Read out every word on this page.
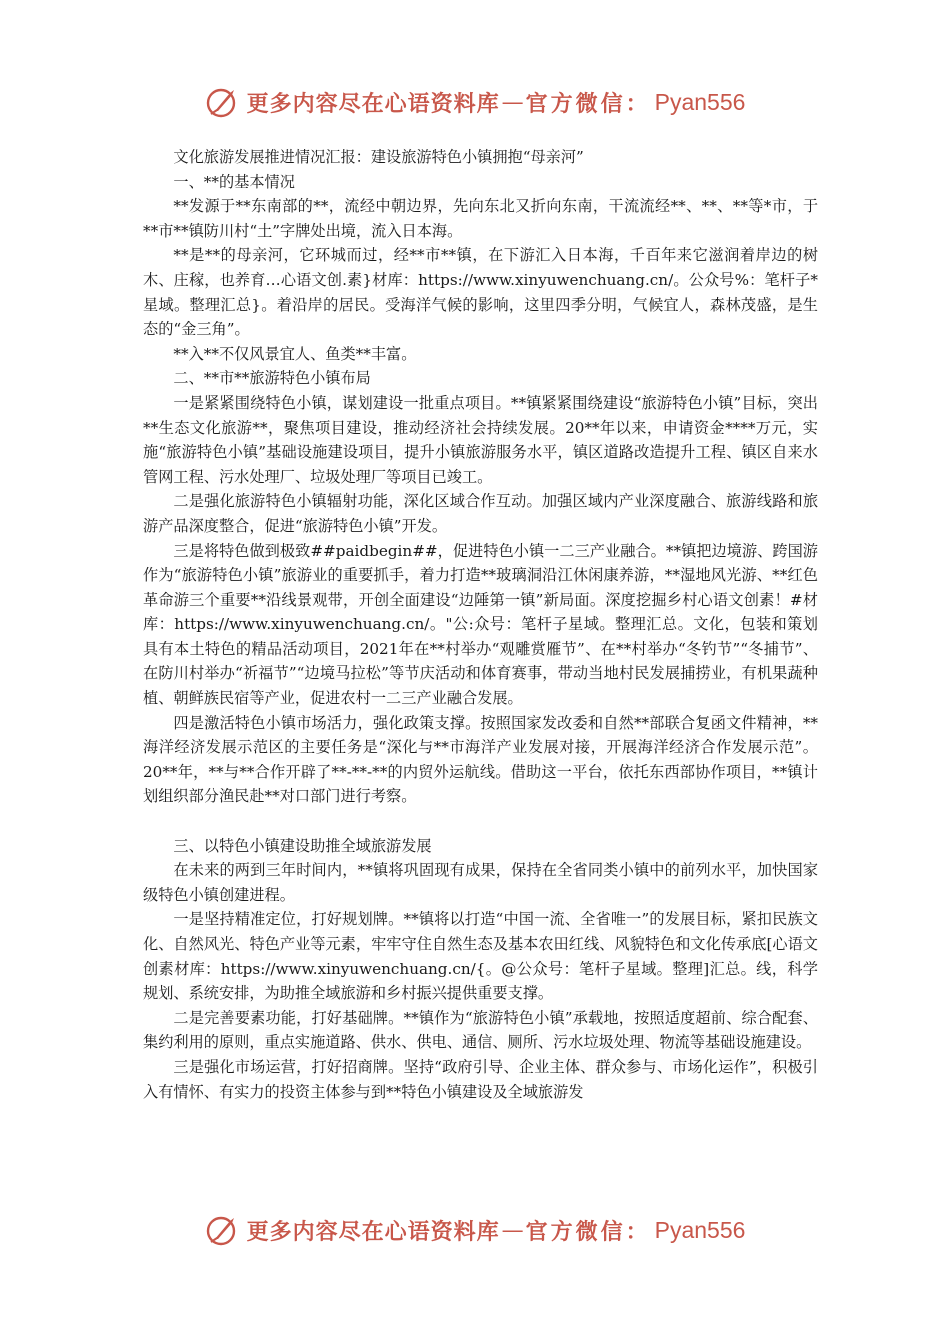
更多内容尽在心语资料库 — 官方微信： Pyan556

文化旅游发展推进情况汇报：建设旅游特色小镇拥抱“母亲河”

一、**的基本情况

**发源于**东南部的**，流经中朝边界，先向东北又折向东南，干流流经**、**、**等*市，于**市**镇防川村“土”字牌处出境，流入日本海。

**是**的母亲河，它环城而过，经**市**镇，在下游汇入日本海，千百年来它滋润着岸边的树木、庄稼，也养育…心语文创.素}材库：https://www.xinyuwenchuang.cn/。公众号%：笔杆子*星域。整理汇总}。着沿岸的居民。受海洋气候的影响，这里四季分明，气候宜人，森林茂盛，是生态的“金三角”。

**入**不仅风景宜人、鱼类**丰富。

二、**市**旅游特色小镇布局

一是紧紧围绕特色小镇，谋划建设一批重点项目。**镇紧紧围绕建设“旅游特色小镇”目标，突出**生态文化旅游**，聚焦项目建设，推动经济社会持续发展。20**年以来，申请资金****万元，实施“旅游特色小镇”基础设施建设项目，提升小镇旅游服务水平，镇区道路改造提升工程、镇区自来水管网工程、污水处理厂、垃圾处理厂等项目已竣工。

二是强化旅游特色小镇辐射功能，深化区域合作互动。加强区域内产业深度融合、旅游线路和旅游产品深度整合，促进“旅游特色小镇”开发。

三是将特色做到极致##paidbegin##，促进特色小镇一二三产业融合。**镇把边境游、跨国游作为“旅游特色小镇”旅游业的重要抓手，着力打造**玻璃洞沿江休闲康养游，**湿地风光游、**红色革命游三个重要**沿线景观带，开创全面建设“边陲第一镇”新局面。深度挖掘乡村心语文创素！#材库：https://www.xinyuwenchuang.cn/。"公:众号：笔杆子星域。整理汇总。文化，包装和策划具有本土特色的精品活动项目，2021年在**村举办“观雕赏雁节”、在**村举办“冬钓节”“冬捕节”、在防川村举办“祈福节”“边境马拉松”等节庆活动和体育赛事，带动当地村民发展捕捞业，有机果蔬种植、朝鲜族民宿等产业，促进农村一二三产业融合发展。

四是激活特色小镇市场活力，强化政策支撑。按照国家发改委和自然**部联合复函文件精神，**海洋经济发展示范区的主要任务是“深化与**市海洋产业发展对接，开展海洋经济合作发展示范”。20**年，**与**合作开辟了**-**-**的内贸外运航线。借助这一平台，依托东西部协作项目，**镇计划组织部分渔民赴**对口部门进行考察。

三、以特色小镇建设助推全域旅游发展

在未来的两到三年时间内，**镇将巩固现有成果，保持在全省同类小镇中的前列水平，加快国家级特色小镇创建进程。

一是坚持精准定位，打好规划牌。**镇将以打造“中国一流、全省唯一”的发展目标，紧扣民族文化、自然风光、特色产业等元素，牢牢守住自然生态及基本农田红线、风貌特色和文化传承底[心语文创素材库：https://www.xinyuwenchuang.cn/{。@公众号：笔杆子星域。整理]汇总。线，科学规划、系统安排，为助推全域旅游和乡村振兴提供重要支撑。

二是完善要素功能，打好基础牌。**镇作为“旅游特色小镇”承载地，按照适度超前、综合配套、集约利用的原则，重点实施道路、供水、供电、通信、厕所、污水垃圾处理、物流等基础设施建设。

三是强化市场运营，打好招商牌。坚持“政府引导、企业主体、群众参与、市场化运作”，积极引入有情怀、有实力的投资主体参与到**特色小镇建设及全域旅游发

更多内容尽在心语资料库 — 官方微信： Pyan556
